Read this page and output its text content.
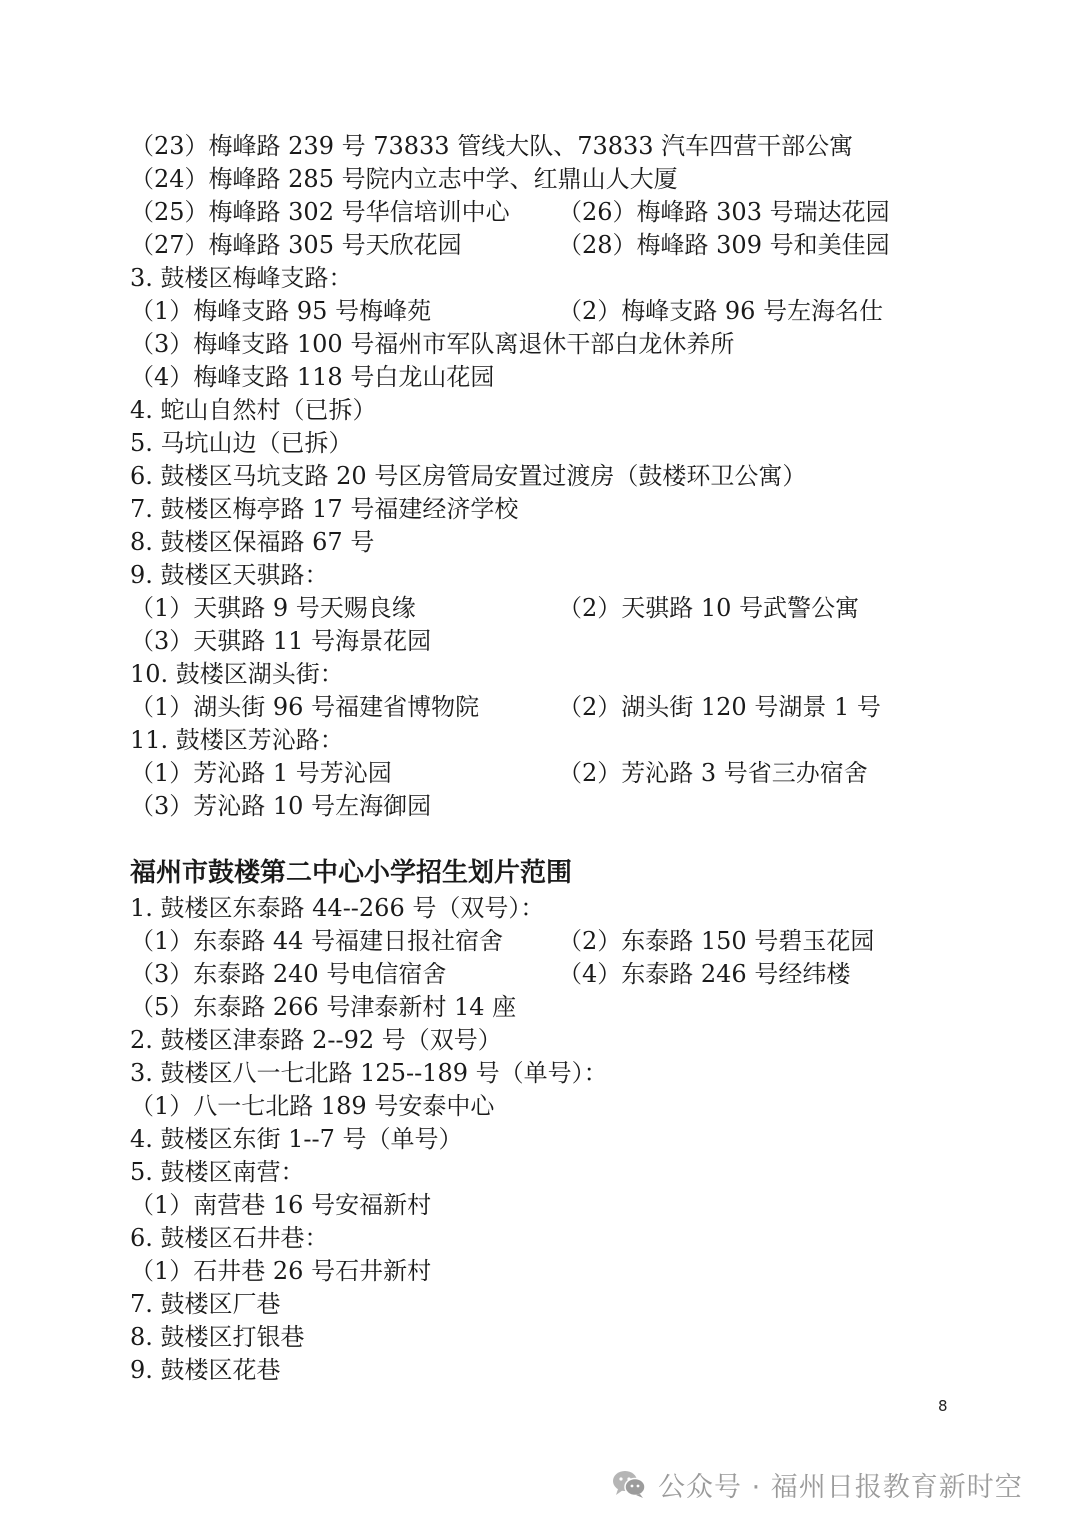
（23）梅峰路 239 号 73833 管线大队、73833 汽车四营干部公寓
（24）梅峰路 285 号院内立志中学、红鼎山人大厦
（25）梅峰路 302 号华信培训中心 （26）梅峰路 303 号瑞达花园
（27）梅峰路 305 号天欣花园	（28）梅峰路 309 号和美佳园
3. 鼓楼区梅峰支路：
（1）梅峰支路 95 号梅峰苑	（2）梅峰支路 96 号左海名仕
（3）梅峰支路 100 号福州市军队离退休干部白龙休养所
（4）梅峰支路 118 号白龙山花园
4. 蛇山自然村（已拆）
5. 马坑山边（已拆）
6. 鼓楼区马坑支路 20 号区房管局安置过渡房（鼓楼环卫公寓）
7. 鼓楼区梅亭路 17 号福建经济学校
8. 鼓楼区保福路 67 号
9. 鼓楼区天骐路：
（1）天骐路 9 号天赐良缘	（2）天骐路 10 号武警公寓
（3）天骐路 11 号海景花园
10. 鼓楼区湖头街：
（1）湖头街 96 号福建省博物院	（2）湖头街 120 号湖景 1 号
11. 鼓楼区芳沁路：
（1）芳沁路 1 号芳沁园	（2）芳沁路 3 号省三办宿舍
（3）芳沁路 10 号左海御园
福州市鼓楼第二中心小学招生划片范围
1. 鼓楼区东泰路 44--266 号（双号）：
（1）东泰路 44 号福建日报社宿舍 （2）东泰路 150 号碧玉花园
（3）东泰路 240 号电信宿舍	（4）东泰路 246 号经纬楼
（5）东泰路 266 号津泰新村 14 座
2. 鼓楼区津泰路 2--92 号（双号）
3. 鼓楼区八一七北路 125--189 号（单号）：
（1）八一七北路 189 号安泰中心
4. 鼓楼区东街 1--7 号（单号）
5. 鼓楼区南营：
（1）南营巷 16 号安福新村
6. 鼓楼区石井巷：
（1）石井巷 26 号石井新村
7. 鼓楼区厂巷
8. 鼓楼区打银巷
9. 鼓楼区花巷
8
公众号 · 福州日报教育新时空
